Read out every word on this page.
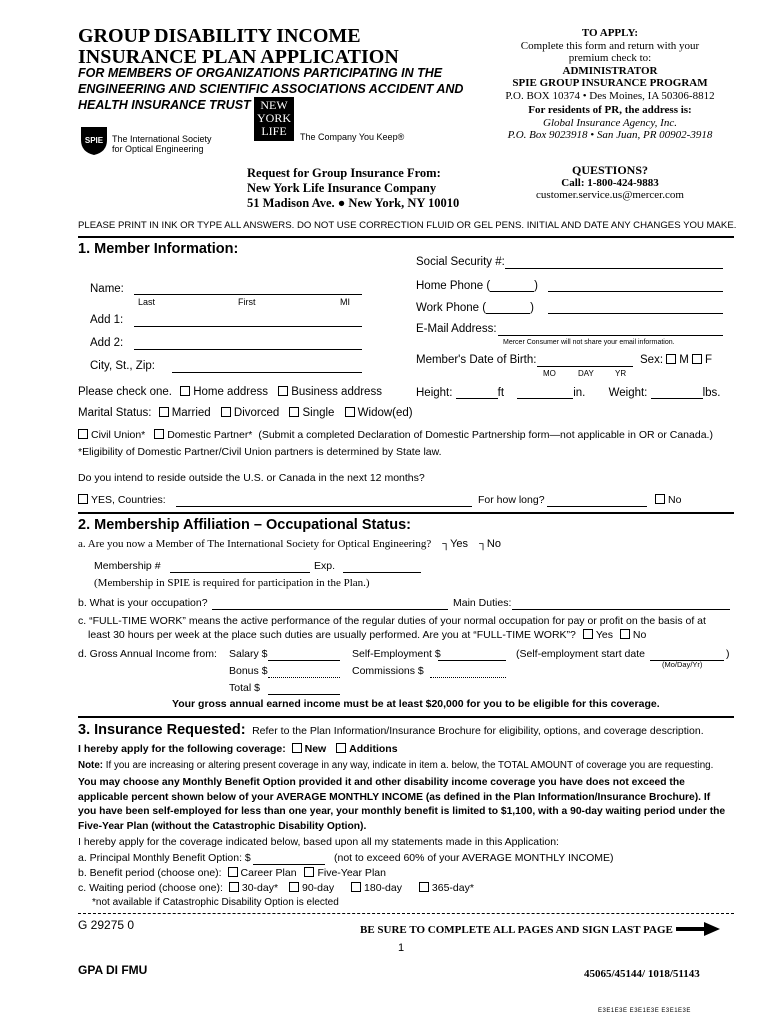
GROUP DISABILITY INCOME
INSURANCE PLAN APPLICATION
FOR MEMBERS OF ORGANIZATIONS PARTICIPATING IN THE
ENGINEERING AND SCIENTIFIC ASSOCIATIONS ACCIDENT AND
HEALTH INSURANCE TRUST
SPIE The International Society
for Optical Engineering
NEW
YORK
LIFE	The Company You Keep®
Request for Group Insurance From:
New York Life Insurance Company
51 Madison Ave. ● New York, NY 10010
TO APPLY:
Complete this form and return with your
premium check to:
ADMINISTRATOR
SPIE GROUP INSURANCE PROGRAM
P.O. BOX 10374 • Des Moines, IA 50306-8812
For residents of PR, the address is:
Global Insurance Agency, Inc.
P.O. Box 9023918 • San Juan, PR 00902-3918
QUESTIONS?
Call: 1-800-424-9883
customer.service.us@mercer.com
PLEASE PRINT IN INK OR TYPE ALL ANSWERS. DO NOT USE CORRECTION FLUID OR GEL PENS. INITIAL AND DATE ANY CHANGES YOU MAKE.
1. Member Information:
Name:
Last	First	MI
Add 1:
Add 2:
City, St., Zip:
Social Security #:
Home Phone (	)
Work Phone (	)
E-Mail Address:
Mercer Consumer will not share your email information.
Member's Date of Birth:
MO	DAY	YR
Sex: M F
Please check one. Home address Business address	Height:	ft	in. Weight:	lbs.
Marital Status: Married Divorced Single Widow(ed)
Civil Union* Domestic Partner* (Submit a completed Declaration of Domestic Partnership form—not applicable in OR or Canada.)
*Eligibility of Domestic Partner/Civil Union partners is determined by State law.
Do you intend to reside outside the U.S. or Canada in the next 12 months?
YES, Countries:	For how long?	No
2. Membership Affiliation – Occupational Status:
a. Are you now a Member of The International Society for Optical Engineering? ┐Yes ┐No
Membership #	Exp.
(Membership in SPIE is required for participation in the Plan.)
b. What is your occupation?	Main Duties:
c. “FULL-TIME WORK” means the active performance of the regular duties of your normal occupation for pay or profit on the basis of at
least 30 hours per week at the place such duties are usually performed. Are you at “FULL-TIME WORK”? Yes No
d. Gross Annual Income from: Salary $	Self-Employment $	(Self-employment start date	)
(Mo/Day/Yr)
Bonus $	Commissions $
Total $
Your gross annual earned income must be at least $20,000 for you to be eligible for this coverage.
3. Insurance Requested: Refer to the Plan Information/Insurance Brochure for eligibility, options, and coverage description.
I hereby apply for the following coverage: New Additions
Note: If you are increasing or altering present coverage in any way, indicate in item a. below, the TOTAL AMOUNT of coverage you are requesting.
You may choose any Monthly Benefit Option provided it and other disability income coverage you have does not exceed the
applicable percent shown below of your AVERAGE MONTHLY INCOME (as defined in the Plan Information/Insurance Brochure). If
you have been self-employed for less than one year, your monthly benefit is limited to $1,100, with a 90-day waiting period under the
Five-Year Plan (without the Catastrophic Disability Option).
I hereby apply for the coverage indicated below, based upon all my statements made in this Application:
a. Principal Monthly Benefit Option: $	(not to exceed 60% of your AVERAGE MONTHLY INCOME)
b. Benefit period (choose one): Career Plan Five-Year Plan
c. Waiting period (choose one): 30-day* 90-day	180-day	365-day*
*not available if Catastrophic Disability Option is elected
G 29275 0	BE SURE TO COMPLETE ALL PAGES AND SIGN LAST PAGE
1
GPA DI FMU	45065/45144/ 1018/51143
E3E1E3E E3E1E3E E3E1E3E
